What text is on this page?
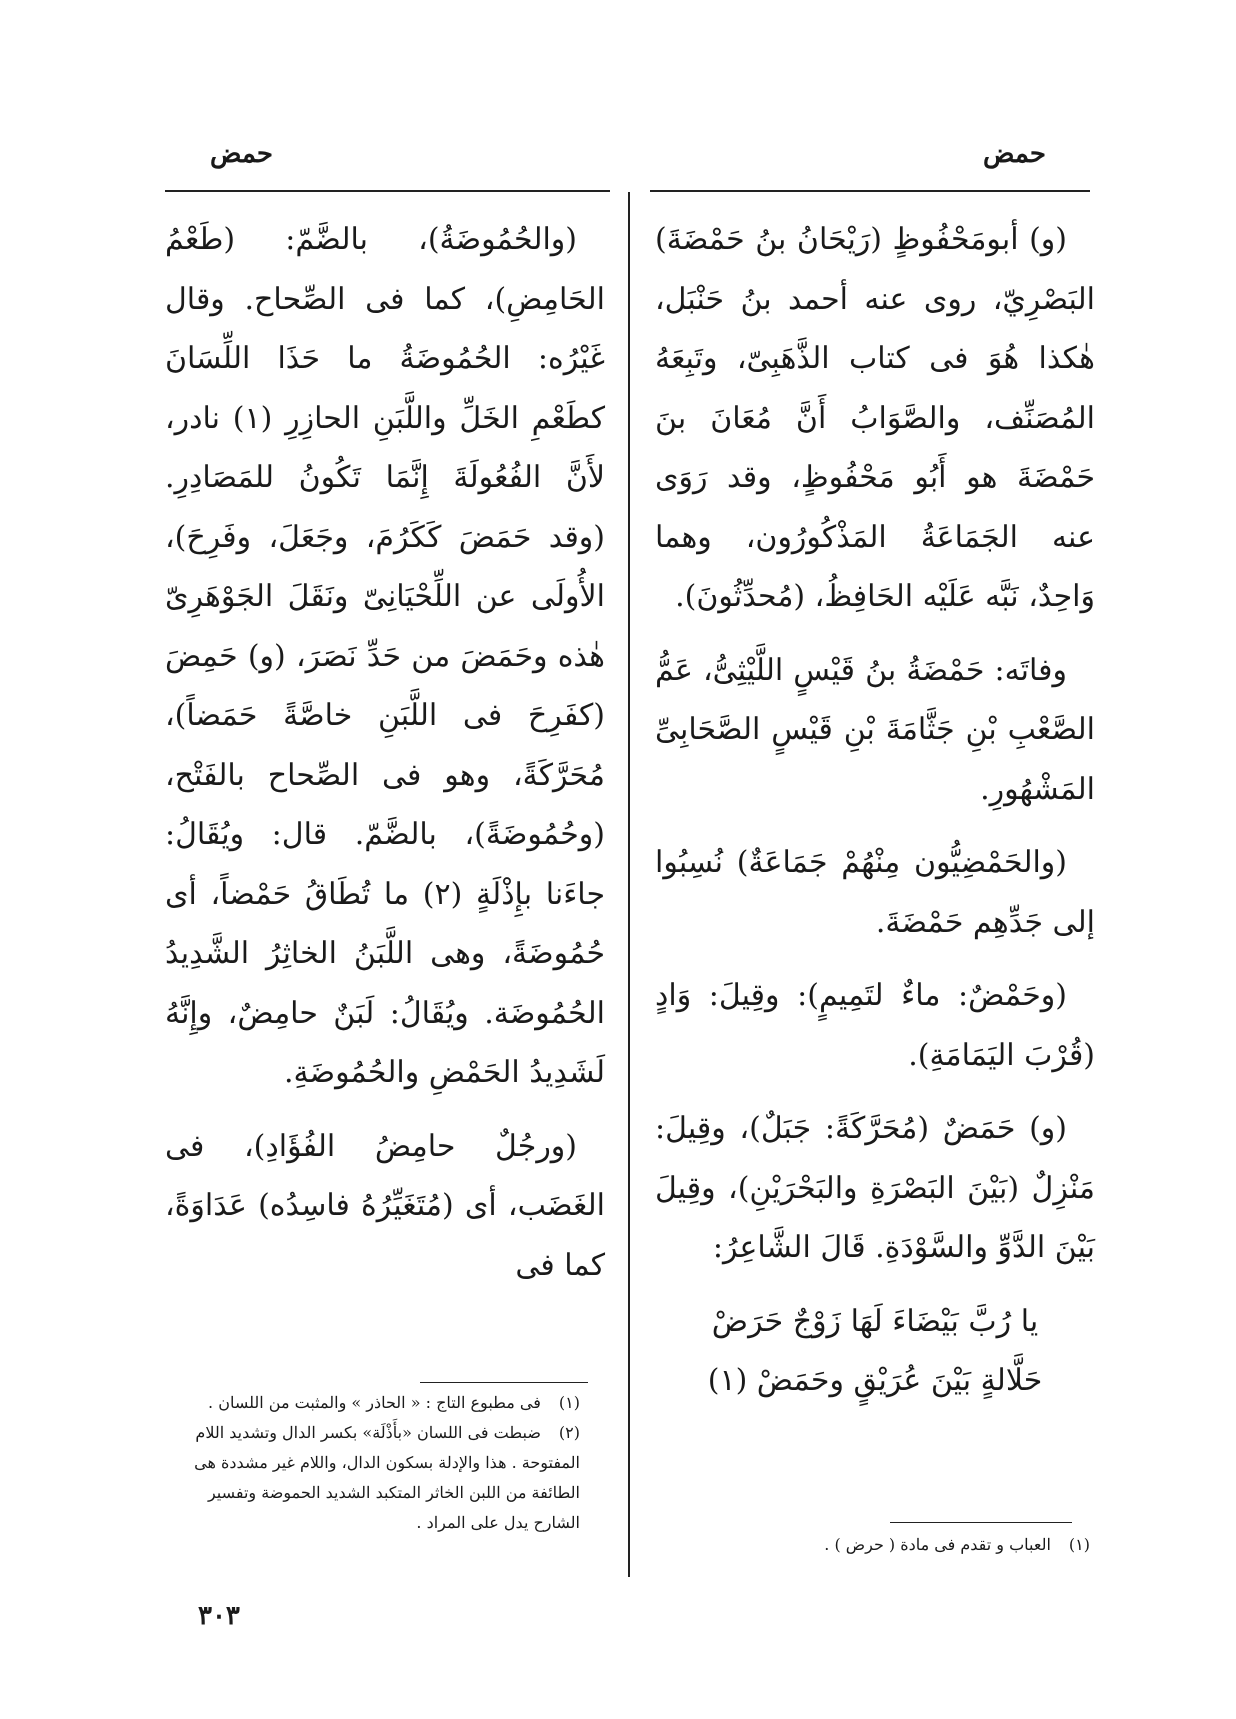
حمض
حمض

(و) أبومَحْفُوظٍ (رَيْحَانُ بنُ حَمْضَةَ) البَصْرِيّ، روى عنه أحمد بنُ حَنْبَل، هٰكذا هُوَ فى كتاب الذَّهَبِىّ، وتَبِعَهُ المُصَنِّف، والصَّوَابُ أَنَّ مُعَانَ بنَ حَمْضَةَ هو أَبُو مَحْفُوظٍ، وقد رَوَى عنه الجَمَاعَةُ المَذْكُورُون، وهما وَاحِدٌ، نَبَّه عَلَيْه الحَافِظُ، (مُحدِّثُونَ).

وفاتَه: حَمْضَةُ بنُ قَيْسٍ اللَّيْثِىُّ، عَمُّ الصَّعْبِ بْنِ جَثَّامَةَ بْنِ قَيْسٍ الصَّحَابِىِّ المَشْهُورِ.

(والحَمْضِيُّون مِنْهُمْ جَمَاعَةٌ) نُسِبُوا إلى جَدِّهِم حَمْضَةَ.

(وحَمْضٌ: ماءٌ لتَمِيمٍ): وقِيلَ: وَادٍ (قُرْبَ اليَمَامَةِ).

(و) حَمَضٌ (مُحَرَّكَةً: جَبَلٌ)، وقِيلَ: مَنْزِلٌ (بَيْنَ البَصْرَةِ والبَحْرَيْنِ)، وقِيلَ بَيْنَ الدَّوِّ والسَّوْدَةِ. قَالَ الشَّاعِرُ:

يا رُبَّ بَيْضَاءَ لَهَا زَوْجٌ حَرَضْ
حَلَّالةٍ بَيْنَ عُرَيْقٍ وحَمَضْ (١)

(والحُمُوضَةُ)، بالضَّمّ: (طَعْمُ الحَامِضِ)، كما فى الصِّحاح. وقال غَيْرُه: الحُمُوضَةُ ما حَذَا اللِّسَانَ كطَعْمِ الخَلِّ واللَّبَنِ الحازِرِ (١) نادر، لأَنَّ الفُعُولَةَ إِنَّمَا تَكُونُ للمَصَادِرِ. (وقد حَمَضَ كَكَرُمَ، وجَعَلَ، وفَرِحَ)، الأُولَى عن اللِّحْيَانِىّ ونَقَلَ الجَوْهَرِىّ هٰذه وحَمَضَ من حَدِّ نَصَرَ، (و) حَمِضَ (كفَرِحَ فى اللَّبَنِ خاصَّةً حَمَضاً)، مُحَرَّكَةً، وهو فى الصِّحاح بالفَتْح، (وحُمُوضَةً)، بالضَّمّ. قال: ويُقَالُ: جاءَنا بإِذْلَةٍ (٢) ما تُطَاقُ حَمْضاً، أى حُمُوضَةً، وهى اللَّبَنُ الخاثِرُ الشَّدِيدُ الحُمُوضَة. ويُقَالُ: لَبَنٌ حامِضٌ، وإِنَّهُ لَشَدِيدُ الحَمْضِ والحُمُوضَةِ.

(ورجُلٌ حامِضُ الفُؤَادِ)، فى الغَضَب، أى (مُتَغَيِّرُهُ فاسِدُه) عَدَاوَةً، كما فى

(١) فى مطبوع التاج : « الحاذر » والمثبت من اللسان .

(٢) ضبطت فى اللسان «بأَذْلَة» بكسر الدال وتشديد اللام المفتوحة . هذا والإدلة بسكون الدال، واللام غير مشددة هى الطائفة من اللبن الخاثر المتكبد الشديد الحموضة وتفسير الشارح يدل على المراد .

(١) العباب و تقدم فى مادة ( حرض ) .

٣٠٣
